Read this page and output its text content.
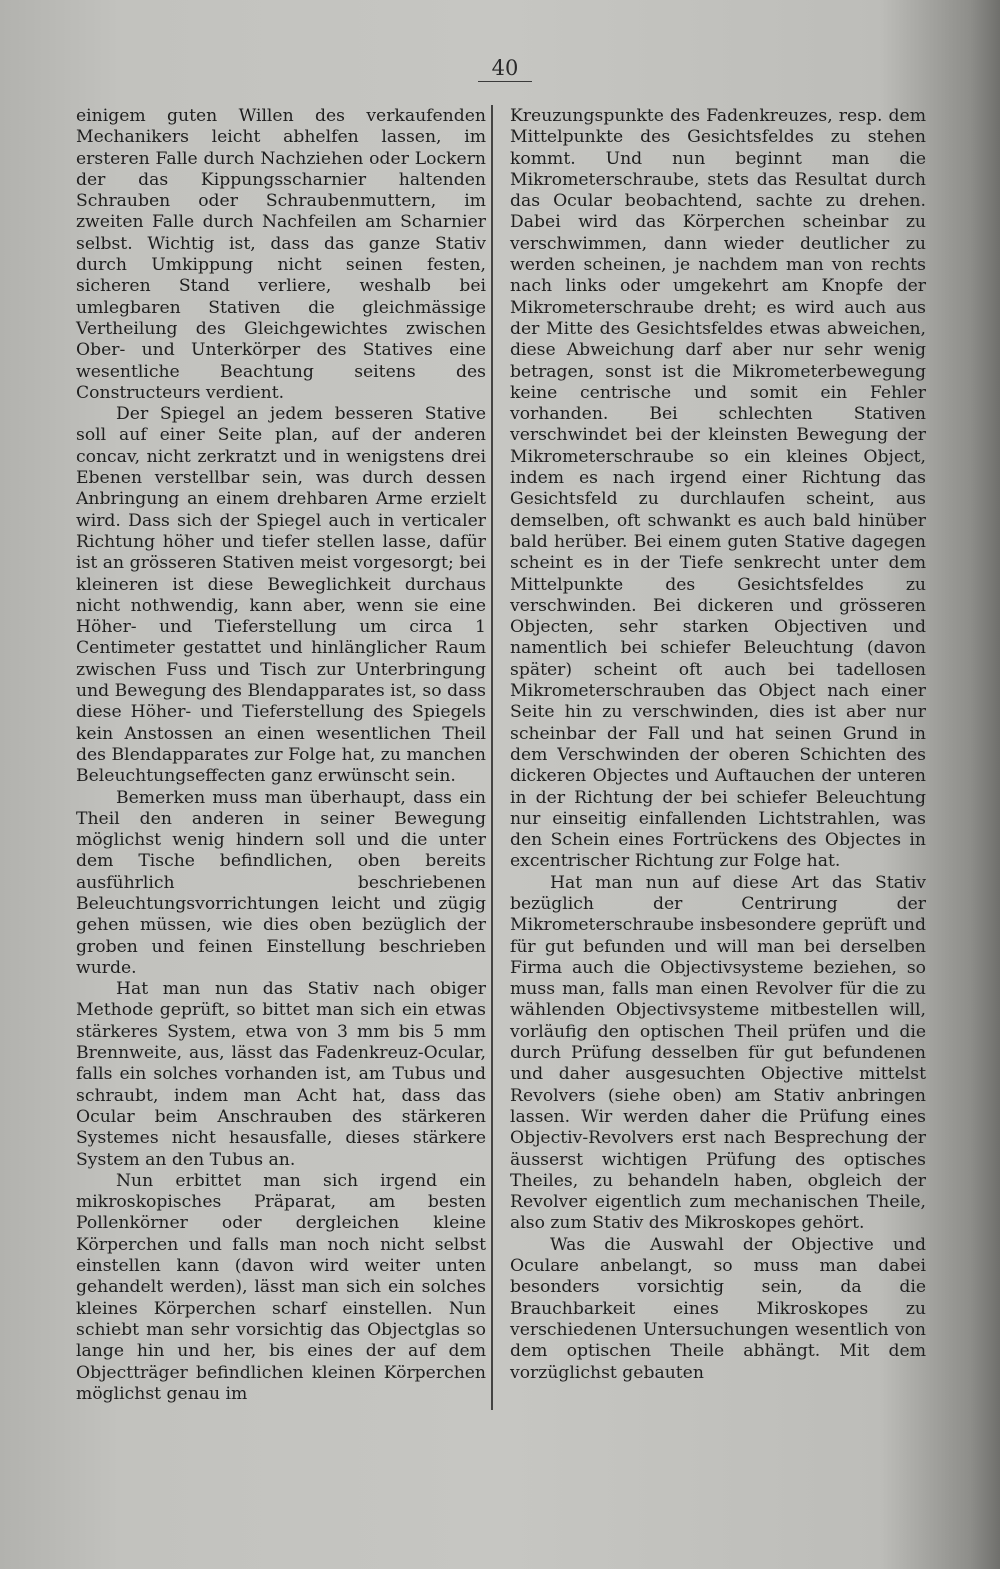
40

einigem guten Willen des verkaufenden Mechanikers leicht abhelfen lassen, im ersteren Falle durch Nachziehen oder Lockern der das Kippungsscharnier haltenden Schrauben oder Schraubenmuttern, im zweiten Falle durch Nachfeilen am Scharnier selbst. Wichtig ist, dass das ganze Stativ durch Umkippung nicht seinen festen, sicheren Stand verliere, weshalb bei umlegbaren Stativen die gleichmässige Vertheilung des Gleichgewichtes zwischen Ober- und Unterkörper des Statives eine wesentliche Beachtung seitens des Constructeurs verdient.

Der Spiegel an jedem besseren Stative soll auf einer Seite plan, auf der anderen concav, nicht zerkratzt und in wenigstens drei Ebenen verstellbar sein, was durch dessen Anbringung an einem drehbaren Arme erzielt wird. Dass sich der Spiegel auch in verticaler Richtung höher und tiefer stellen lasse, dafür ist an grösseren Stativen meist vorgesorgt; bei kleineren ist diese Beweglichkeit durchaus nicht nothwendig, kann aber, wenn sie eine Höher- und Tieferstellung um circa 1 Centimeter gestattet und hinlänglicher Raum zwischen Fuss und Tisch zur Unterbringung und Bewegung des Blendapparates ist, so dass diese Höher- und Tieferstellung des Spiegels kein Anstossen an einen wesentlichen Theil des Blendapparates zur Folge hat, zu manchen Beleuchtungseffecten ganz erwünscht sein.

Bemerken muss man überhaupt, dass ein Theil den anderen in seiner Bewegung möglichst wenig hindern soll und die unter dem Tische befindlichen, oben bereits ausführlich beschriebenen Beleuchtungsvorrichtungen leicht und zügig gehen müssen, wie dies oben bezüglich der groben und feinen Einstellung beschrieben wurde.

Hat man nun das Stativ nach obiger Methode geprüft, so bittet man sich ein etwas stärkeres System, etwa von 3 mm bis 5 mm Brennweite, aus, lässt das Fadenkreuz-Ocular, falls ein solches vorhanden ist, am Tubus und schraubt, indem man Acht hat, dass das Ocular beim Anschrauben des stärkeren Systemes nicht hesausfalle, dieses stärkere System an den Tubus an.

Nun erbittet man sich irgend ein mikroskopisches Präparat, am besten Pollenkörner oder dergleichen kleine Körperchen und falls man noch nicht selbst einstellen kann (davon wird weiter unten gehandelt werden), lässt man sich ein solches kleines Körperchen scharf einstellen. Nun schiebt man sehr vorsichtig das Objectglas so lange hin und her, bis eines der auf dem Objectträger befindlichen kleinen Körperchen möglichst genau im

Kreuzungspunkte des Fadenkreuzes, resp. dem Mittelpunkte des Gesichtsfeldes zu stehen kommt. Und nun beginnt man die Mikrometerschraube, stets das Resultat durch das Ocular beobachtend, sachte zu drehen. Dabei wird das Körperchen scheinbar zu verschwimmen, dann wieder deutlicher zu werden scheinen, je nachdem man von rechts nach links oder umgekehrt am Knopfe der Mikrometerschraube dreht; es wird auch aus der Mitte des Gesichtsfeldes etwas abweichen, diese Abweichung darf aber nur sehr wenig betragen, sonst ist die Mikrometerbewegung keine centrische und somit ein Fehler vorhanden. Bei schlechten Stativen verschwindet bei der kleinsten Bewegung der Mikrometerschraube so ein kleines Object, indem es nach irgend einer Richtung das Gesichtsfeld zu durchlaufen scheint, aus demselben, oft schwankt es auch bald hinüber bald herüber. Bei einem guten Stative dagegen scheint es in der Tiefe senkrecht unter dem Mittelpunkte des Gesichtsfeldes zu verschwinden. Bei dickeren und grösseren Objecten, sehr starken Objectiven und namentlich bei schiefer Beleuchtung (davon später) scheint oft auch bei tadellosen Mikrometerschrauben das Object nach einer Seite hin zu verschwinden, dies ist aber nur scheinbar der Fall und hat seinen Grund in dem Verschwinden der oberen Schichten des dickeren Objectes und Auftauchen der unteren in der Richtung der bei schiefer Beleuchtung nur einseitig einfallenden Lichtstrahlen, was den Schein eines Fortrückens des Objectes in excentrischer Richtung zur Folge hat.

Hat man nun auf diese Art das Stativ bezüglich der Centrirung der Mikrometerschraube insbesondere geprüft und für gut befunden und will man bei derselben Firma auch die Objectivsysteme beziehen, so muss man, falls man einen Revolver für die zu wählenden Objectivsysteme mitbestellen will, vorläufig den optischen Theil prüfen und die durch Prüfung desselben für gut befundenen und daher ausgesuchten Objective mittelst Revolvers (siehe oben) am Stativ anbringen lassen. Wir werden daher die Prüfung eines Objectiv-Revolvers erst nach Besprechung der äusserst wichtigen Prüfung des optisches Theiles, zu behandeln haben, obgleich der Revolver eigentlich zum mechanischen Theile, also zum Stativ des Mikroskopes gehört.

Was die Auswahl der Objective und Oculare anbelangt, so muss man dabei besonders vorsichtig sein, da die Brauchbarkeit eines Mikroskopes zu verschiedenen Untersuchungen wesentlich von dem optischen Theile abhängt. Mit dem vorzüglichst gebauten
